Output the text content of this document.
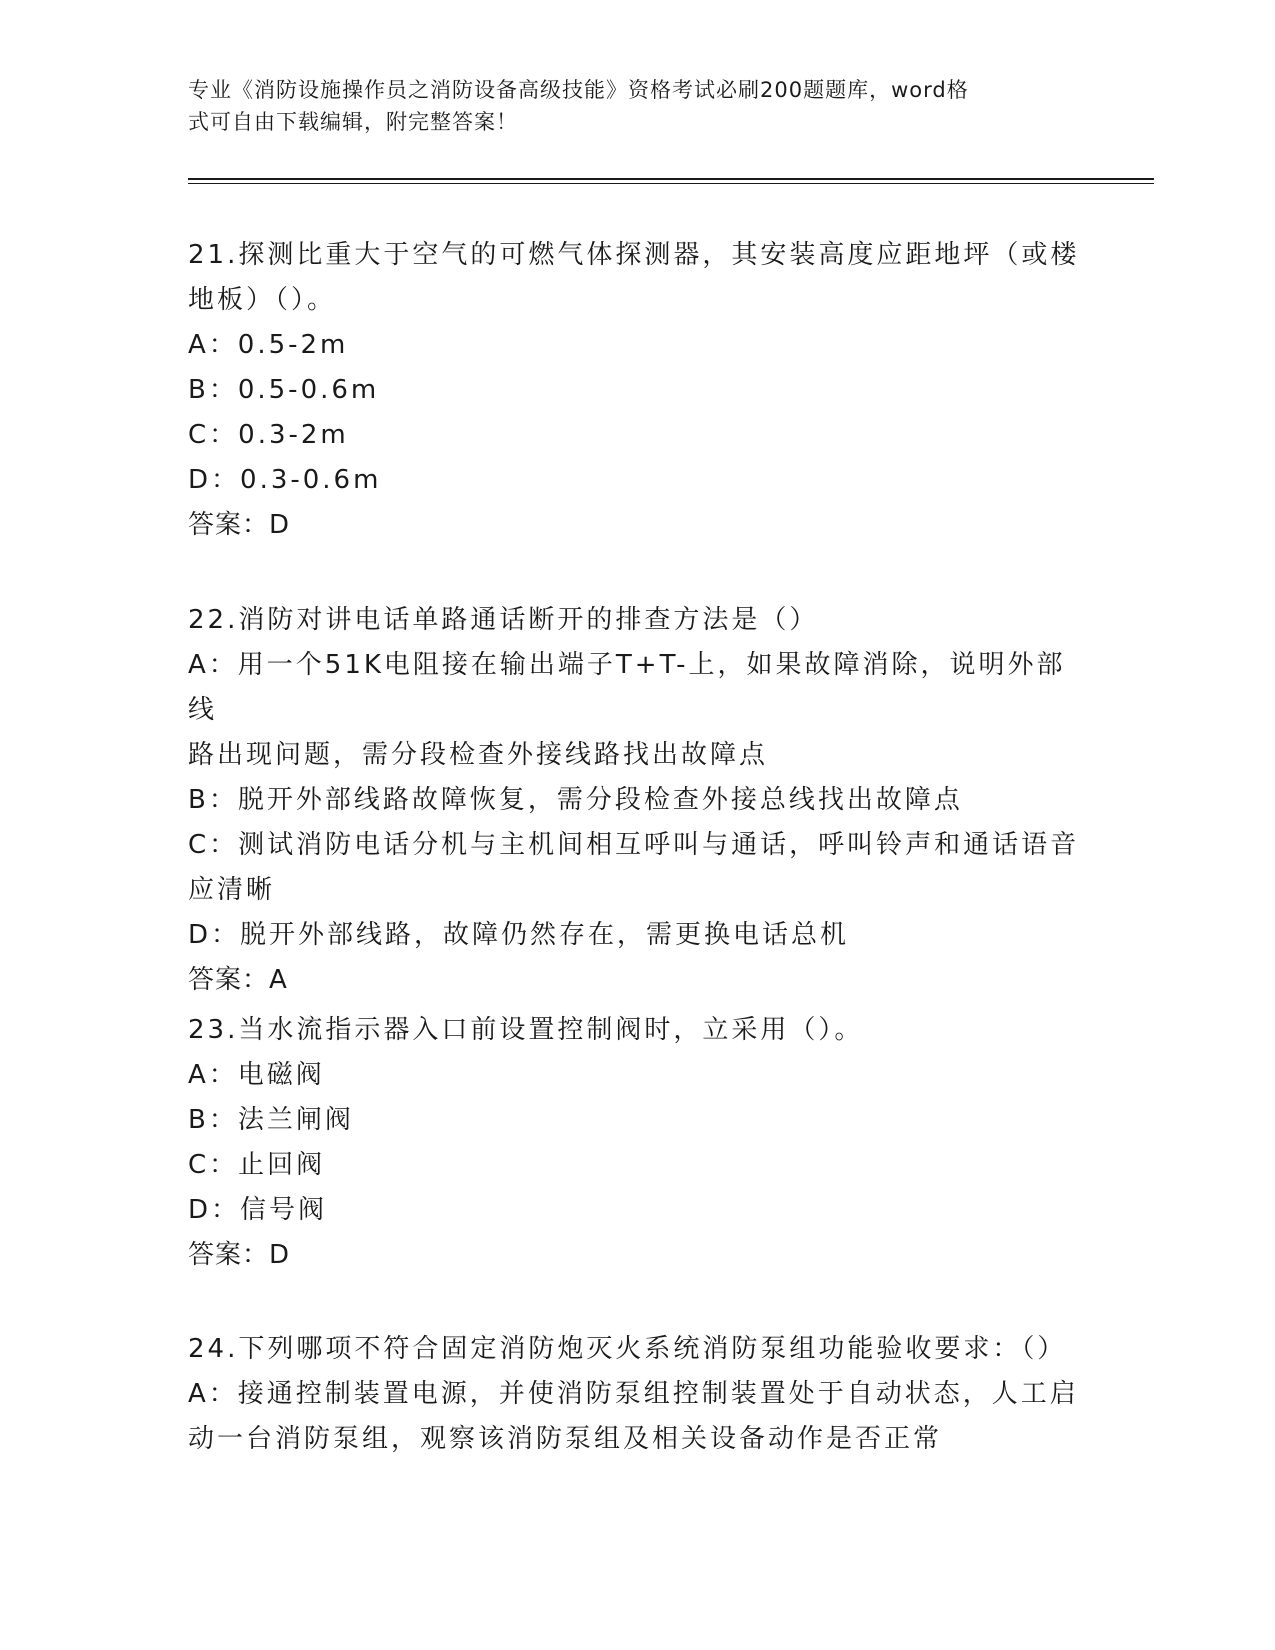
专业《消防设施操作员之消防设备高级技能》资格考试必刷200题题库，word格
式可自由下载编辑，附完整答案！
21.探测比重大于空气的可燃气体探测器，其安装高度应距地坪（或楼
地板）（）。
A：0.5-2m
B：0.5-0.6m
C：0.3-2m
D：0.3-0.6m
答案：D
22.消防对讲电话单路通话断开的排查方法是（）
A：用一个51K电阻接在输出端子T+T-上，如果故障消除，说明外部线
路出现问题，需分段检查外接线路找出故障点
B：脱开外部线路故障恢复，需分段检查外接总线找出故障点
C：测试消防电话分机与主机间相互呼叫与通话，呼叫铃声和通话语音
应清晰
D：脱开外部线路，故障仍然存在，需更换电话总机
答案：A
23.当水流指示器入口前设置控制阀时，立采用（）。
A：电磁阀
B：法兰闸阀
C：止回阀
D：信号阀
答案：D
24.下列哪项不符合固定消防炮灭火系统消防泵组功能验收要求：（）
A：接通控制装置电源，并使消防泵组控制装置处于自动状态，人工启
动一台消防泵组，观察该消防泵组及相关设备动作是否正常
